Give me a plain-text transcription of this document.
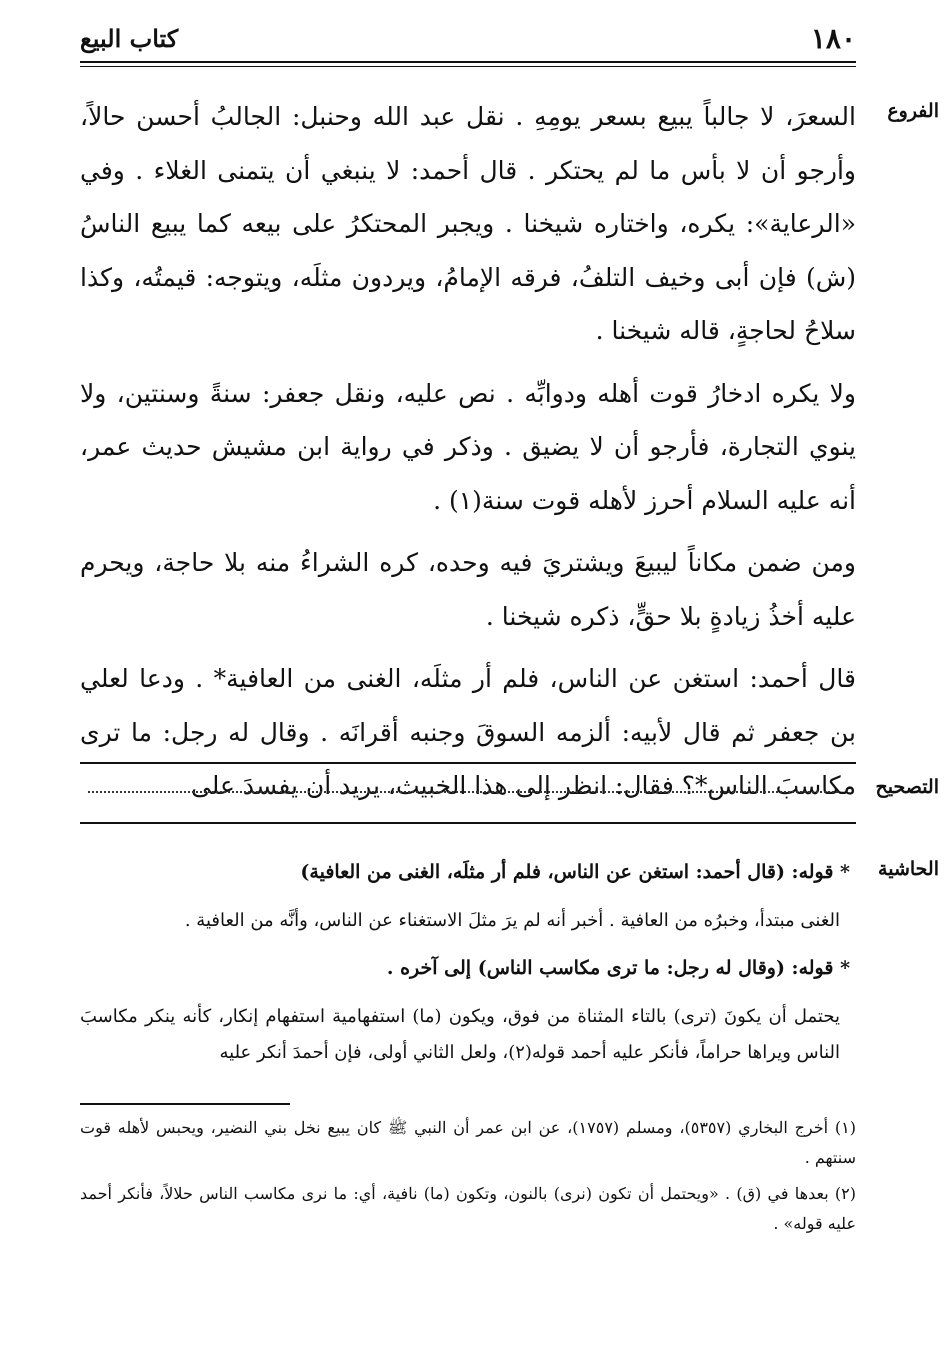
١٨٠
كتاب البيع
الفروع

السعرَ، لا جالباً يبيع بسعر يومِهِ . نقل عبد الله وحنبل: الجالبُ أحسن حالاً، وأرجو أن لا بأس ما لم يحتكر . قال أحمد: لا ينبغي أن يتمنى الغلاء . وفي «الرعاية»: يكره، واختاره شيخنا . ويجبر المحتكرُ على بيعه كما يبيع الناسُ (ش) فإن أبى وخيف التلفُ، فرقه الإمامُ، ويردون مثلَه، ويتوجه: قيمتُه، وكذا سلاحُ لحاجةٍ، قاله شيخنا .

ولا يكره ادخارُ قوت أهله ودوابِّه . نص عليه، ونقل جعفر: سنةً وسنتين، ولا ينوي التجارة، فأرجو أن لا يضيق . وذكر في رواية ابن مشيش حديث عمر، أنه عليه السلام أحرز لأهله قوت سنة(١) .

ومن ضمن مكاناً ليبيعَ ويشتريَ فيه وحده، كره الشراءُ منه بلا حاجة، ويحرم عليه أخذُ زيادةٍ بلا حقٍّ، ذكره شيخنا .

قال أحمد: استغن عن الناس، فلم أر مثلَه، الغنى من العافية* . ودعا لعلي بن جعفر ثم قال لأبيه: ألزمه السوقَ وجنبه أقرانَه . وقال له رجل: ما ترى مكاسبَ الناس*؟ فقال: انظر إلى هذا الخبيث، يريد أن يفسدَ على التصحيح
الحاشية

* قوله: (قال أحمد: استغن عن الناس، فلم أر مثلَه، الغنى من العافية)

الغنى مبتدأ، وخبرُه من العافية . أخبر أنه لم يرَ مثلَ الاستغناء عن الناس، وأنَّه من العافية .

* قوله: (وقال له رجل: ما ترى مكاسب الناس) إلى آخره .

يحتمل أن يكونَ (ترى) بالتاء المثناة من فوق، ويكون (ما) استفهامية استفهام إنكار، كأنه ينكر مكاسبَ الناس ويراها حراماً، فأنكر عليه أحمد قوله(٢)، ولعل الثاني أولى، فإن أحمدَ أنكر عليه

(١) أخرج البخاري (٥٣٥٧)، ومسلم (١٧٥٧)، عن ابن عمر أن النبي ﷺ كان يبيع نخل بني النضير، ويحبس لأهله قوت سنتهم .

(٢) بعدها في (ق) . «ويحتمل أن تكون (نرى) بالنون، وتكون (ما) نافية، أي: ما نرى مكاسب الناس حلالاً، فأنكر أحمد عليه قوله» .
